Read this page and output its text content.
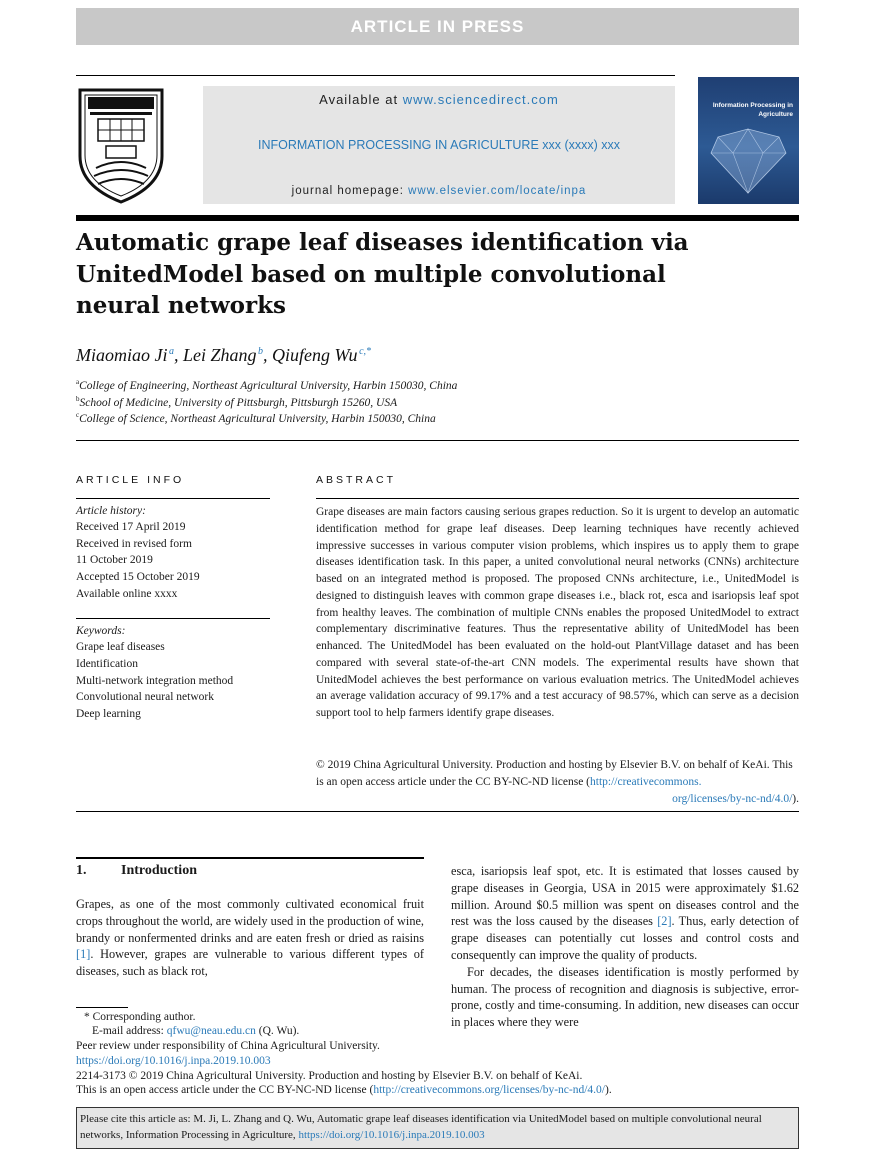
ARTICLE IN PRESS
Available at www.sciencedirect.com
INFORMATION PROCESSING IN AGRICULTURE xxx (xxxx) xxx
journal homepage: www.elsevier.com/locate/inpa
Information Processing in Agriculture
Automatic grape leaf diseases identification via UnitedModel based on multiple convolutional neural networks
Miaomiao Ji  $^a$, Lei Zhang  $^b$, Qiufeng Wu  $^{c,*}$
$^a$College of Engineering, Northeast Agricultural University, Harbin 150030, China
$^b$School of Medicine, University of Pittsburgh, Pittsburgh 15260, USA
$^c$College of Science, Northeast Agricultural University, Harbin 150030, China
ARTICLE INFO
Article history:
Received 17 April 2019
Received in revised form
11 October 2019
Accepted 15 October 2019
Available online xxxx
Keywords:
Grape leaf diseases
Identification
Multi-network integration method
Convolutional neural network
Deep learning
ABSTRACT
Grape diseases are main factors causing serious grapes reduction. So it is urgent to develop an automatic identification method for grape leaf diseases. Deep learning techniques have recently achieved impressive successes in various computer vision problems, which inspires us to apply them to grape diseases identification task. In this paper, a united convolutional neural networks (CNNs) architecture based on an integrated method is proposed. The proposed CNNs architecture, i.e., UnitedModel is designed to distinguish leaves with common grape diseases i.e., black rot, esca and isariopsis leaf spot from healthy leaves. The combination of multiple CNNs enables the proposed UnitedModel to extract complementary discriminative features. Thus the representative ability of UnitedModel has been enhanced. The UnitedModel has been evaluated on the hold-out PlantVillage dataset and has been compared with several state-of-the-art CNN models. The experimental results have shown that UnitedModel achieves the best performance on various evaluation metrics. The UnitedModel achieves an average validation accuracy of 99.17% and a test accuracy of 98.57%, which can serve as a decision support tool to help farmers identify grape diseases.
© 2019 China Agricultural University. Production and hosting by Elsevier B.V. on behalf of KeAi. This is an open access article under the CC BY-NC-ND license (http://creativecommons.
org/licenses/by-nc-nd/4.0/).
1. Introduction
Grapes, as one of the most commonly cultivated economical fruit crops throughout the world, are widely used in the production of wine, brandy or nonfermented drinks and are eaten fresh or dried as raisins [1]. However, grapes are vulnerable to various different types of diseases, such as black rot,

esca, isariopsis leaf spot, etc. It is estimated that losses caused by grape diseases in Georgia, USA in 2015 were approximately $1.62 million. Around $0.5 million was spent on diseases control and the rest was the loss caused by the diseases [2]. Thus, early detection of grape diseases can potentially cut losses and control costs and consequently can improve the quality of products.

For decades, the diseases identification is mostly performed by human. The process of recognition and diagnosis is subjective, error-prone, costly and time-consuming. In addition, new diseases can occur in places where they were

* Corresponding author.
E-mail address: qfwu@neau.edu.cn (Q. Wu).
Peer review under responsibility of China Agricultural University.
https://doi.org/10.1016/j.inpa.2019.10.003
2214-3173 © 2019 China Agricultural University. Production and hosting by Elsevier B.V. on behalf of KeAi.
This is an open access article under the CC BY-NC-ND license (http://creativecommons.org/licenses/by-nc-nd/4.0/).
Please cite this article as: M. Ji, L. Zhang and Q. Wu, Automatic grape leaf diseases identification via UnitedModel based on multiple convolutional neural networks, Information Processing in Agriculture, https://doi.org/10.1016/j.inpa.2019.10.003
